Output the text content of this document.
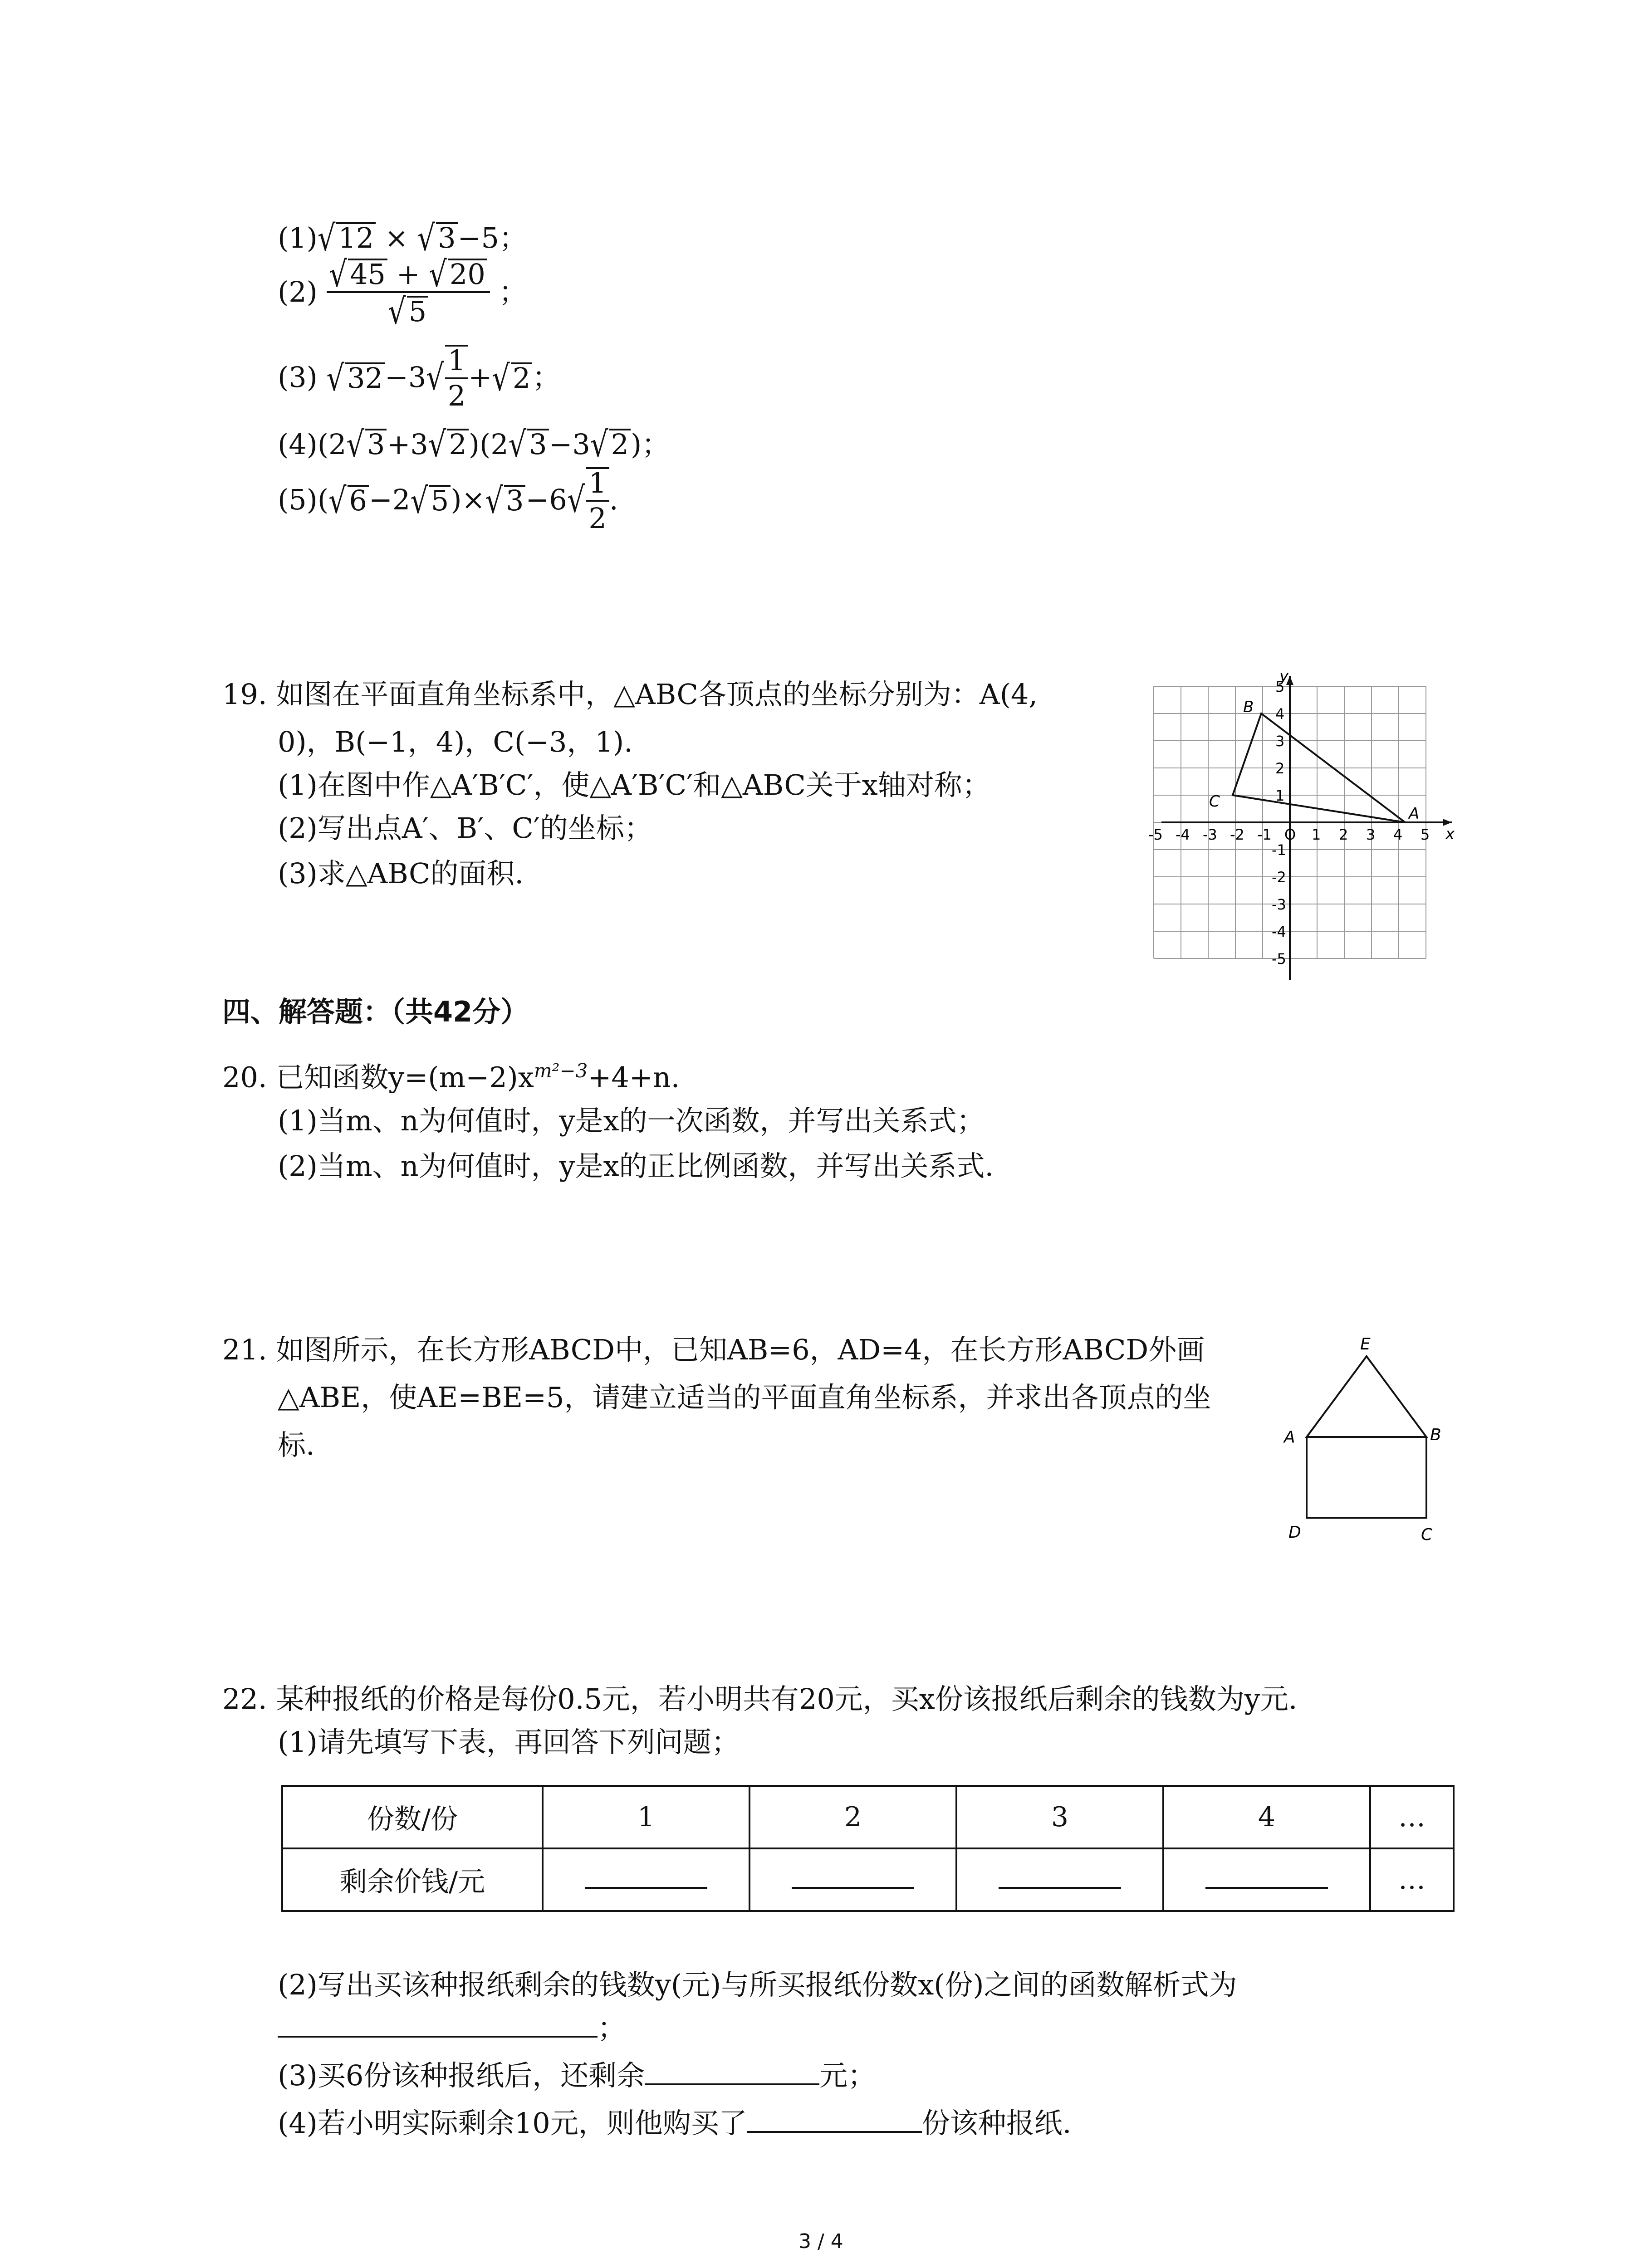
(1)√12 × √3−5；
$(2) \frac{√45 + √20}{√5}$ ；
(3) $√32-3√ \frac{1}{2} +√2$；
(4)(2√3+3√2)(2√3−3√2)；
$(5)(√6-2√5)\times√3-6√ \frac{1}{2}$ .
19. 如图在平面直角坐标系中，△ABC各顶点的坐标分别为：A(4,
0)，B(−1，4)，C(−3，1).
(1)在图中作△A′B′C′，使△A′B′C′和△ABC关于x轴对称；
(2)写出点A′、B′、C′的坐标；
(3)求△ABC的面积.
x
y
-5 -4 -3 -2 -1 O 1 2 3 4 5
5
4
3
2
1
-1
-2
-3
-4
-5
A
B
C
四、解答题：（共42分）
20. 已知函数$y=(m-2)x^{m^2-3}+4+n$.
(1)当m、n为何值时，y是x的一次函数，并写出关系式；
(2)当m、n为何值时，y是x的正比例函数，并写出关系式.
21. 如图所示，在长方形ABCD中，已知AB=6，AD=4，在长方形ABCD外画
△ABE，使AE=BE=5，请建立适当的平面直角坐标系，并求出各顶点的坐
标.
E
A	B
D	C
22. 某种报纸的价格是每份0.5元，若小明共有20元，买x份该报纸后剩余的钱数为y元.
(1)请先填写下表，再回答下列问题；
份数/份	1	2	3	4	…
剩余价钱/元					…
(2)写出买该种报纸剩余的钱数y(元)与所买报纸份数x(份)之间的函数解析式为
；
(3)买6份该种报纸后，还剩余	元；
(4)若小明实际剩余10元，则他购买了	份该种报纸.
3 / 4
